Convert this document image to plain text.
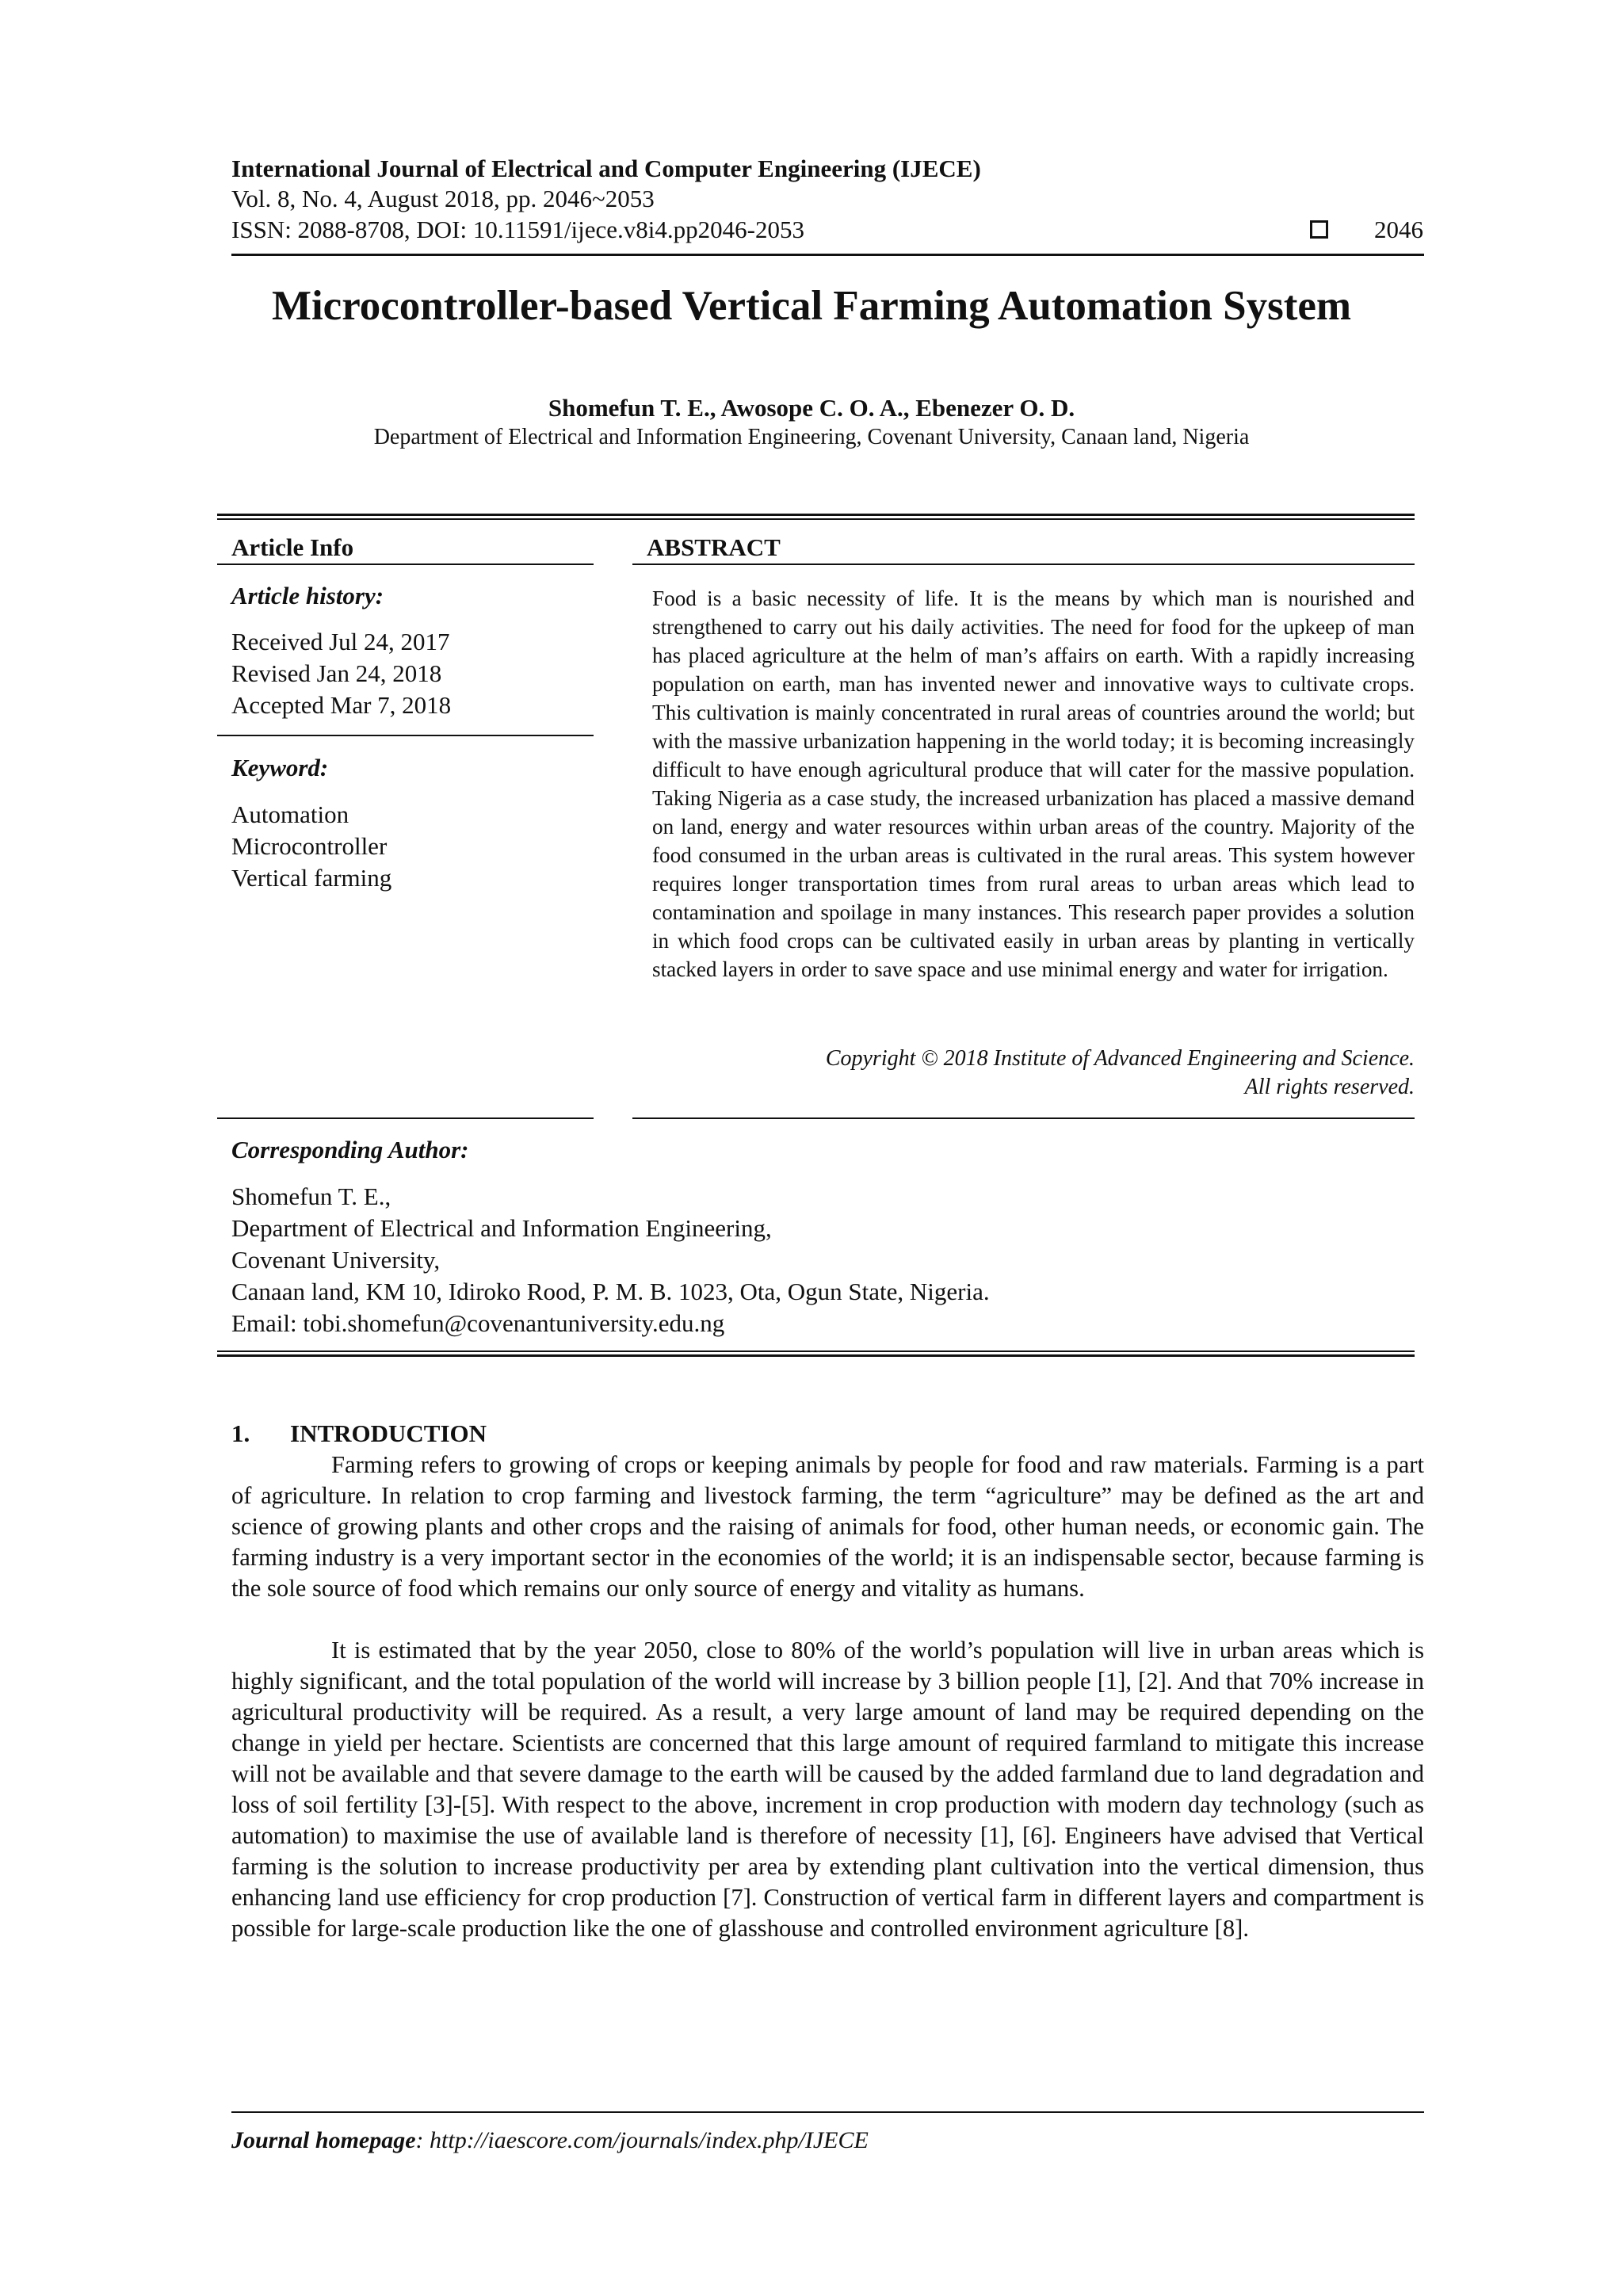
International Journal of Electrical and Computer Engineering (IJECE)
Vol. 8, No. 4, August 2018, pp. 2046~2053
ISSN: 2088-8708, DOI: 10.11591/ijece.v8i4.pp2046-2053	2046
Microcontroller-based Vertical Farming Automation System
Shomefun T. E., Awosope C. O. A., Ebenezer O. D.
Department of Electrical and Information Engineering, Covenant University, Canaan land, Nigeria
Article Info
Article history:
Received Jul 24, 2017
Revised Jan 24, 2018
Accepted Mar 7, 2018
Keyword:
Automation
Microcontroller
Vertical farming
ABSTRACT
Food is a basic necessity of life. It is the means by which man is nourished and strengthened to carry out his daily activities. The need for food for the upkeep of man has placed agriculture at the helm of man’s affairs on earth. With a rapidly increasing population on earth, man has invented newer and innovative ways to cultivate crops. This cultivation is mainly concentrated in rural areas of countries around the world; but with the massive urbanization happening in the world today; it is becoming increasingly difficult to have enough agricultural produce that will cater for the massive population. Taking Nigeria as a case study, the increased urbanization has placed a massive demand on land, energy and water resources within urban areas of the country. Majority of the food consumed in the urban areas is cultivated in the rural areas. This system however requires longer transportation times from rural areas to urban areas which lead to contamination and spoilage in many instances. This research paper provides a solution in which food crops can be cultivated easily in urban areas by planting in vertically stacked layers in order to save space and use minimal energy and water for irrigation.
Copyright © 2018 Institute of Advanced Engineering and Science.
All rights reserved.
Corresponding Author:
Shomefun T. E.,
Department of Electrical and Information Engineering,
Covenant University,
Canaan land, KM 10, Idiroko Rood, P. M. B. 1023, Ota, Ogun State, Nigeria.
Email: tobi.shomefun@covenantuniversity.edu.ng
1. INTRODUCTION
Farming refers to growing of crops or keeping animals by people for food and raw materials. Farming is a part of agriculture. In relation to crop farming and livestock farming, the term “agriculture” may be defined as the art and science of growing plants and other crops and the raising of animals for food, other human needs, or economic gain. The farming industry is a very important sector in the economies of the world; it is an indispensable sector, because farming is the sole source of food which remains our only source of energy and vitality as humans.
It is estimated that by the year 2050, close to 80% of the world’s population will live in urban areas which is highly significant, and the total population of the world will increase by 3 billion people [1], [2]. And that 70% increase in agricultural productivity will be required. As a result, a very large amount of land may be required depending on the change in yield per hectare. Scientists are concerned that this large amount of required farmland to mitigate this increase will not be available and that severe damage to the earth will be caused by the added farmland due to land degradation and loss of soil fertility [3]-[5]. With respect to the above, increment in crop production with modern day technology (such as automation) to maximise the use of available land is therefore of necessity [1], [6]. Engineers have advised that Vertical farming is the solution to increase productivity per area by extending plant cultivation into the vertical dimension, thus enhancing land use efficiency for crop production [7]. Construction of vertical farm in different layers and compartment is possible for large-scale production like the one of glasshouse and controlled environment agriculture [8].
Journal homepage: http://iaescore.com/journals/index.php/IJECE
